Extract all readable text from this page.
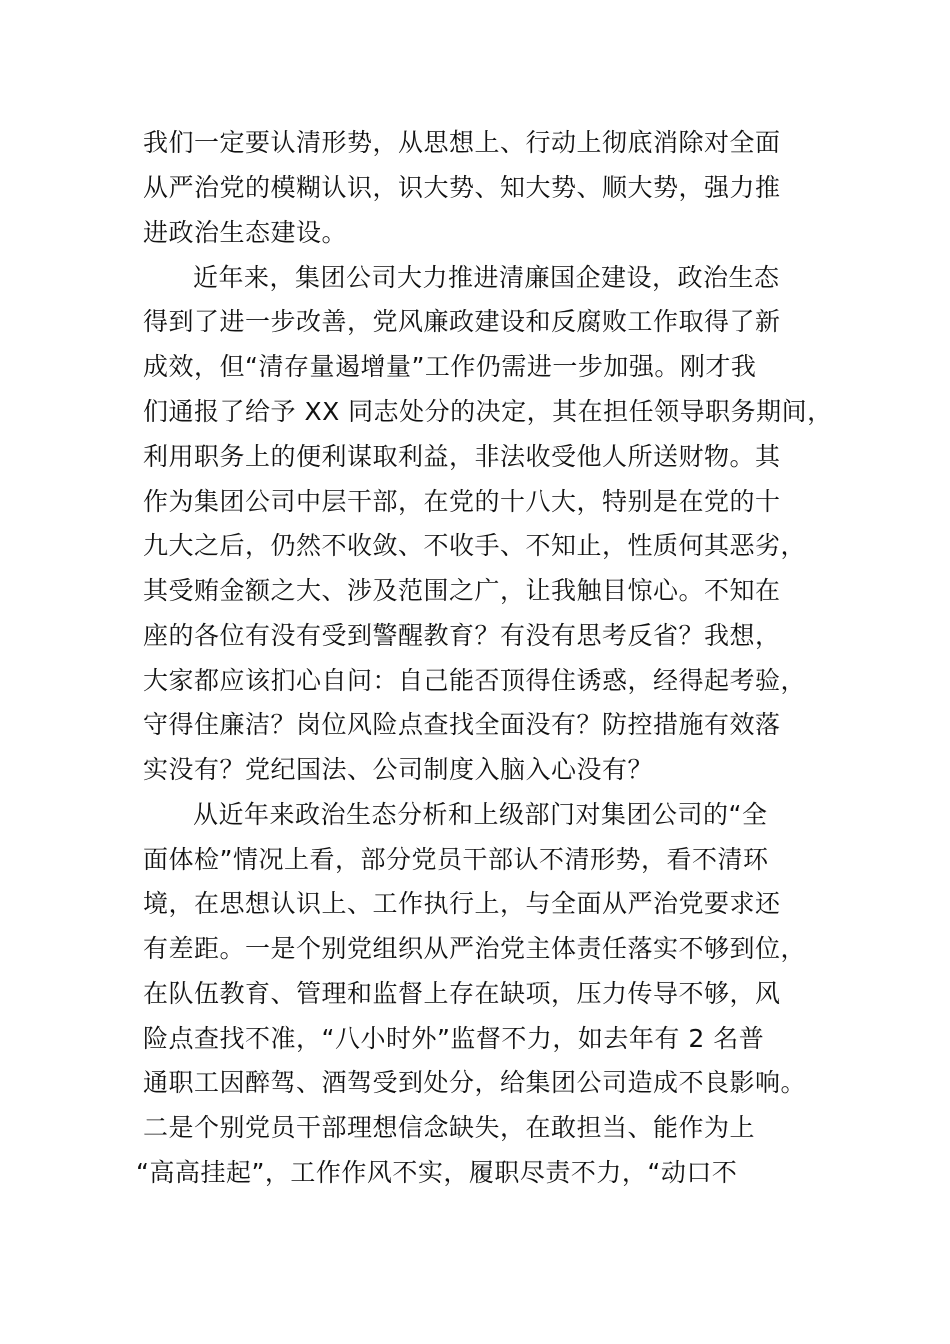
我们一定要认清形势，从思想上、行动上彻底消除对全面
从严治党的模糊认识，识大势、知大势、顺大势，强力推
进政治生态建设。
近年来，集团公司大力推进清廉国企建设，政治生态
得到了进一步改善，党风廉政建设和反腐败工作取得了新
成效，但“清存量遏增量”工作仍需进一步加强。刚才我
们通报了给予 XX 同志处分的决定，其在担任领导职务期间，
利用职务上的便利谋取利益，非法收受他人所送财物。其
作为集团公司中层干部，在党的十八大，特别是在党的十
九大之后，仍然不收敛、不收手、不知止，性质何其恶劣，
其受贿金额之大、涉及范围之广，让我触目惊心。不知在
座的各位有没有受到警醒教育？有没有思考反省？我想，
大家都应该扪心自问：自己能否顶得住诱惑，经得起考验，
守得住廉洁？岗位风险点查找全面没有？防控措施有效落
实没有？党纪国法、公司制度入脑入心没有？
从近年来政治生态分析和上级部门对集团公司的“全
面体检”情况上看，部分党员干部认不清形势，看不清环
境，在思想认识上、工作执行上，与全面从严治党要求还
有差距。一是个别党组织从严治党主体责任落实不够到位，
在队伍教育、管理和监督上存在缺项，压力传导不够，风
险点查找不准，“八小时外”监督不力，如去年有 2 名普
通职工因醉驾、酒驾受到处分，给集团公司造成不良影响。
二是个别党员干部理想信念缺失，在敢担当、能作为上
“高高挂起”，工作作风不实，履职尽责不力，“动口不
